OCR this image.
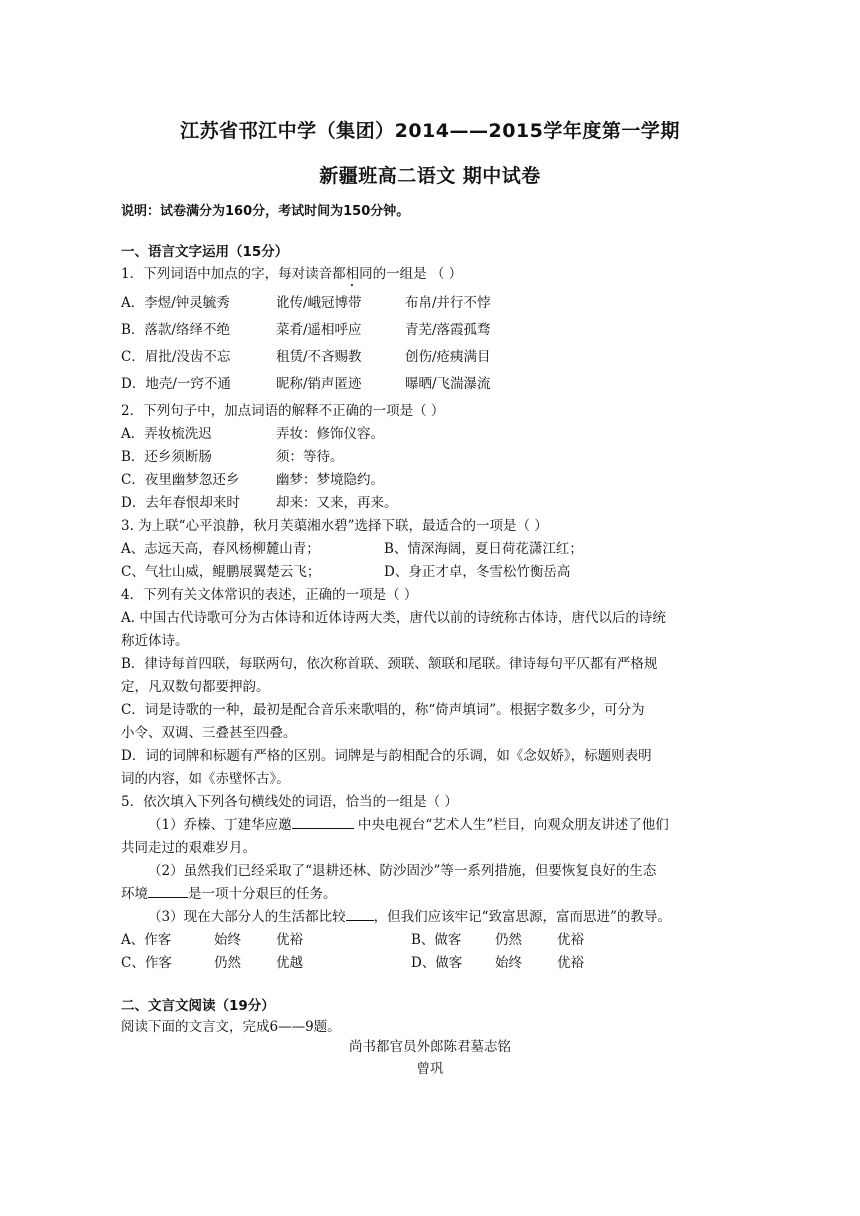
江苏省邗江中学（集团）2014——2015学年度第一学期
新疆班高二语文 期中试卷
说明：试卷满分为160分，考试时间为150分钟。
一、语言文字运用（15分）
1．下列词语中加点的字，每对读音都相同的一组是 （ ）
A．李煜/钟灵毓秀	讹传/峨冠博带	布帛/并行不悖
B．落款/络绎不绝	菜肴/遥相呼应	青芜/落霞孤骛
C．眉批/没齿不忘	租赁/不吝赐教	创伤/疮痍满目
D．地壳/一窍不通	昵称/销声匿迹	曝晒/飞湍瀑流
2．下列句子中，加点词语的解释不正确的一项是（ ）
A．弄妆梳洗迟	弄妆：修饰仪容。
B．还乡须断肠	须：等待。
C．夜里幽梦忽还乡	幽梦：梦境隐约。
D．去年春恨却来时	却来：又来，再来。
3. 为上联“心平浪静，秋月芙蕖湘水碧”选择下联，最适合的一项是（ ）
A、志远天高，春风杨柳麓山青；	B、情深海阔，夏日荷花潇江红；
C、气壮山威，鲲鹏展翼楚云飞；	D、身正才卓，冬雪松竹衡岳高
4．下列有关文体常识的表述，正确的一项是（ ）
A. 中国古代诗歌可分为古体诗和近体诗两大类，唐代以前的诗统称古体诗，唐代以后的诗统
称近体诗。
B．律诗每首四联，每联两句，依次称首联、颈联、颔联和尾联。律诗每句平仄都有严格规
定，凡双数句都要押韵。
C．词是诗歌的一种，最初是配合音乐来歌唱的，称“倚声填词”。根据字数多少，可分为
小令、双调、三叠甚至四叠。
D．词的词牌和标题有严格的区别。词牌是与韵相配合的乐调，如《念奴娇》，标题则表明
词的内容，如《赤壁怀古》。
5．依次填入下列各句横线处的词语，恰当的一组是（ ）
（1）乔榛、丁建华应邀	中央电视台“艺术人生”栏目，向观众朋友讲述了他们
共同走过的艰难岁月。
（2）虽然我们已经采取了“退耕还林、防沙固沙”等一系列措施，但要恢复良好的生态
环境	是一项十分艰巨的任务。
（3）现在大部分人的生活都比较 ，但我们应该牢记“致富思源，富而思进”的教导。
A、作客	始终	优裕	B、做客 仍然	优裕
C、作客	仍然	优越	D、做客 始终	优裕
二、文言文阅读（19分）
阅读下面的文言文，完成6——9题。
尚书都官员外郎陈君墓志铭
曾巩
